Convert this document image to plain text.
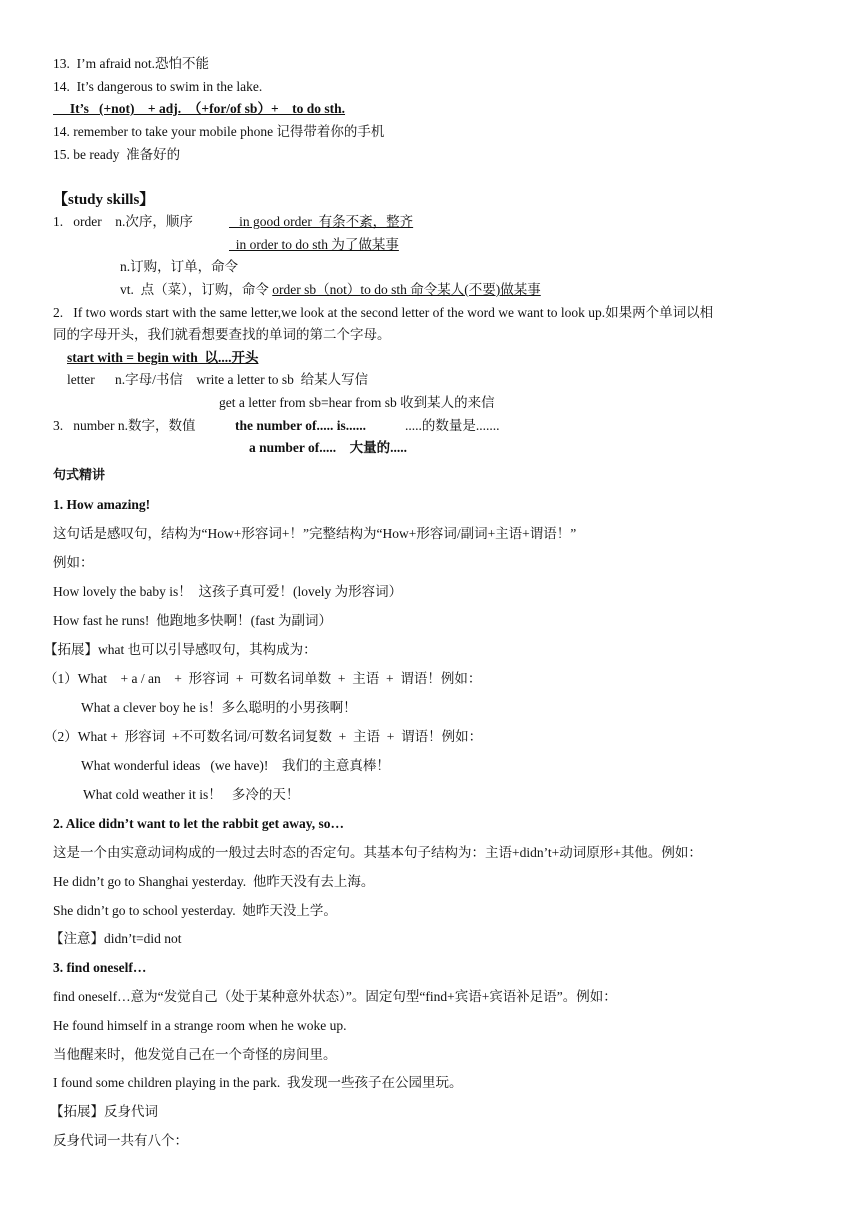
13.  I’m afraid not.恐怕不能
14.  It’s dangerous to swim in the lake.
It’s   (+not)    + adj.  （+for/of sb）+    to do sth.
14. remember to take your mobile phone 记得带着你的手机
15. be ready  准备好的
【study skills】
1.   order    n.次序，顺序	in good order  有条不紊，整齐
in order to do sth 为了做某事
n.订购，订单，命令
vt.  点（菜），订购，命令 order sb（not）to do sth 命令某人(不要)做某事
2.   If two words start with the same letter,we look at the second letter of the word we want to look up.如果两个单词以相
同的字母开头，我们就看想要查找的单词的第二个字母。
start with = begin with  以....开头
letter      n.字母/书信    write a letter to sb  给某人写信
get a letter from sb=hear from sb 收到某人的来信
3.   number n.数字，数值	the number of..... is......	.....的数量是.......
a number of.....    大量的.....
句式精讲
1. How amazing!
这句话是感叹句，结构为“How+形容词+！”完整结构为“How+形容词/副词+主语+谓语！”
例如：
How lovely the baby is！  这孩子真可爱！(lovely 为形容词）
How fast he runs!  他跑地多快啊！(fast 为副词）
【拓展】what 也可以引导感叹句，其构成为：
（1）What    + a / an    +  形容词  +  可数名词单数  +  主语  +  谓语！例如：
What a clever boy he is！多么聪明的小男孩啊！
（2）What +  形容词  +不可数名词/可数名词复数  +  主语  +  谓语！例如：
What wonderful ideas   (we have)!    我们的主意真棒！
What cold weather it is！   多冷的天！
2. Alice didn’t want to let the rabbit get away, so…
这是一个由实意动词构成的一般过去时态的否定句。其基本句子结构为：主语+didn’t+动词原形+其他。例如：
He didn’t go to Shanghai yesterday.  他昨天没有去上海。
She didn’t go to school yesterday.  她昨天没上学。
【注意】didn’t=did not
3. find oneself…
find oneself…意为“发觉自己（处于某种意外状态）”。固定句型“find+宾语+宾语补足语”。例如：
He found himself in a strange room when he woke up.
当他醒来时，他发觉自己在一个奇怪的房间里。
I found some children playing in the park.  我发现一些孩子在公园里玩。
【拓展】反身代词
反身代词一共有八个：
